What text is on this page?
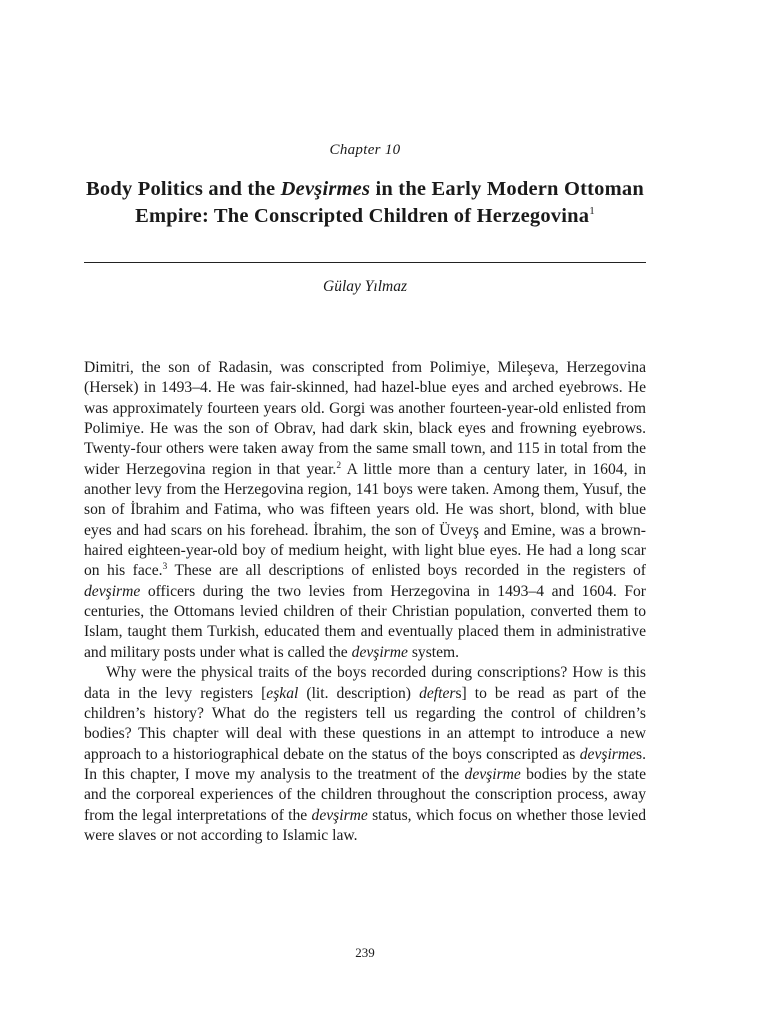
Chapter 10
Body Politics and the Devşirmes in the Early Modern Ottoman Empire: The Conscripted Children of Herzegovina$^1$
Gülay Yılmaz

Dimitri, the son of Radasin, was conscripted from Polimiye, Mileşeva, Herzegovina (Hersek) in 1493–4. He was fair-skinned, had hazel-blue eyes and arched eyebrows. He was approximately fourteen years old. Gorgi was another fourteen-year-old enlisted from Polimiye. He was the son of Obrav, had dark skin, black eyes and frowning eyebrows. Twenty-four others were taken away from the same small town, and 115 in total from the wider Herzegovina region in that year.$^2$ A little more than a century later, in 1604, in another levy from the Herzegovina region, 141 boys were taken. Among them, Yusuf, the son of İbrahim and Fatima, who was fifteen years old. He was short, blond, with blue eyes and had scars on his forehead. İbrahim, the son of Üveyş and Emine, was a brown-haired eighteen-year-old boy of medium height, with light blue eyes. He had a long scar on his face.$^3$ These are all descriptions of enlisted boys recorded in the registers of devşirme officers during the two levies from Herzegovina in 1493–4 and 1604. For centuries, the Ottomans levied children of their Christian population, converted them to Islam, taught them Turkish, educated them and eventually placed them in administrative and military posts under what is called the devşirme system.

Why were the physical traits of the boys recorded during conscriptions? How is this data in the levy registers [eşkal (lit. description) defters] to be read as part of the children’s history? What do the registers tell us regarding the control of children’s bodies? This chapter will deal with these questions in an attempt to introduce a new approach to a historiographical debate on the status of the boys conscripted as devşirmes. In this chapter, I move my analysis to the treatment of the devşirme bodies by the state and the corporeal experiences of the children throughout the conscription process, away from the legal interpretations of the devşirme status, which focus on whether those levied were slaves or not according to Islamic law.

239
